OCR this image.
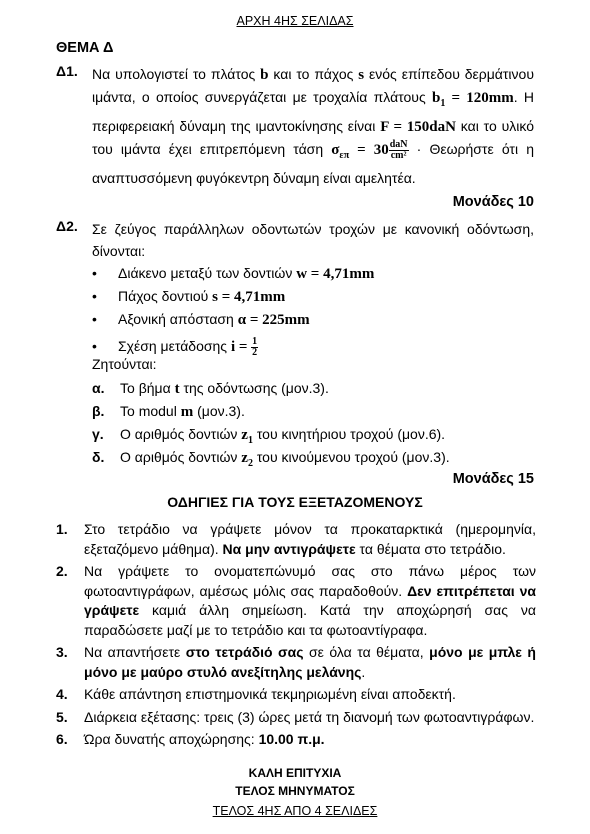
ΑΡΧΗ 4ΗΣ ΣΕΛΙΔΑΣ
ΘΕΜΑ Δ
Δ1. Να υπολογιστεί το πλάτος b και το πάχος s ενός επίπεδου δερμάτινου ιμάντα, ο οποίος συνεργάζεται με τροχαλία πλάτους $b_1 = 120mm$. Η περιφερειακή δύναμη της ιμαντοκίνησης είναι F = 150daN και το υλικό του ιμάντα έχει επιτρεπόμενη τάση $\sigma_{\varepsilon\pi} = 30 \frac{\text{daN}}{\text{cm²}} \cdot \Theta\varepsilon\omega\rho ή\sigma\tau\varepsilon$ ότι η αναπτυσσόμενη φυγόκεντρη δύναμη είναι αμελητέα.
Μονάδες 10
Δ2. Σε ζεύγος παράλληλων οδοντωτών τροχών με κανονική οδόντωση, δίνονται:
• Διάκενο μεταξύ των δοντιών w = 4,71mm
• Πάχος δοντιού s = 4,71mm
• Αξονική απόσταση α = 225mm
• Σχέση μετάδοσης $i = \frac{1}{2}$
Ζητούνται:
α. Το βήμα t της οδόντωσης (μον.3).
β. Το modul m (μον.3).
γ. Ο αριθμός δοντιών $z_1$ του κινητήριου τροχού (μον.6).
δ. Ο αριθμός δοντιών $z_2$ του κινούμενου τροχού (μον.3).
Μονάδες 15
ΟΔΗΓΙΕΣ ΓΙΑ ΤΟΥΣ ΕΞΕΤΑΖΟΜΕΝΟΥΣ
1. Στο τετράδιο να γράψετε μόνον τα προκαταρκτικά (ημερομηνία, εξεταζόμενο μάθημα). Να μην αντιγράψετε τα θέματα στο τετράδιο.
2. Να γράψετε το ονοματεπώνυμό σας στο πάνω μέρος των φωτοαντιγράφων, αμέσως μόλις σας παραδοθούν. Δεν επιτρέπεται να γράψετε καμιά άλλη σημείωση. Κατά την αποχώρησή σας να παραδώσετε μαζί με το τετράδιο και τα φωτοαντίγραφα.
3. Να απαντήσετε στο τετράδιό σας σε όλα τα θέματα, μόνο με μπλε ή μόνο με μαύρο στυλό ανεξίτηλης μελάνης.
4. Κάθε απάντηση επιστημονικά τεκμηριωμένη είναι αποδεκτή.
5. Διάρκεια εξέτασης: τρεις (3) ώρες μετά τη διανομή των φωτοαντιγράφων.
6. Ώρα δυνατής αποχώρησης: 10.00 π.μ.
ΚΑΛΗ ΕΠΙΤΥΧΙΑ
ΤΕΛΟΣ ΜΗΝΥΜΑΤΟΣ
ΤΕΛΟΣ 4ΗΣ ΑΠΟ 4 ΣΕΛΙΔΕΣ
